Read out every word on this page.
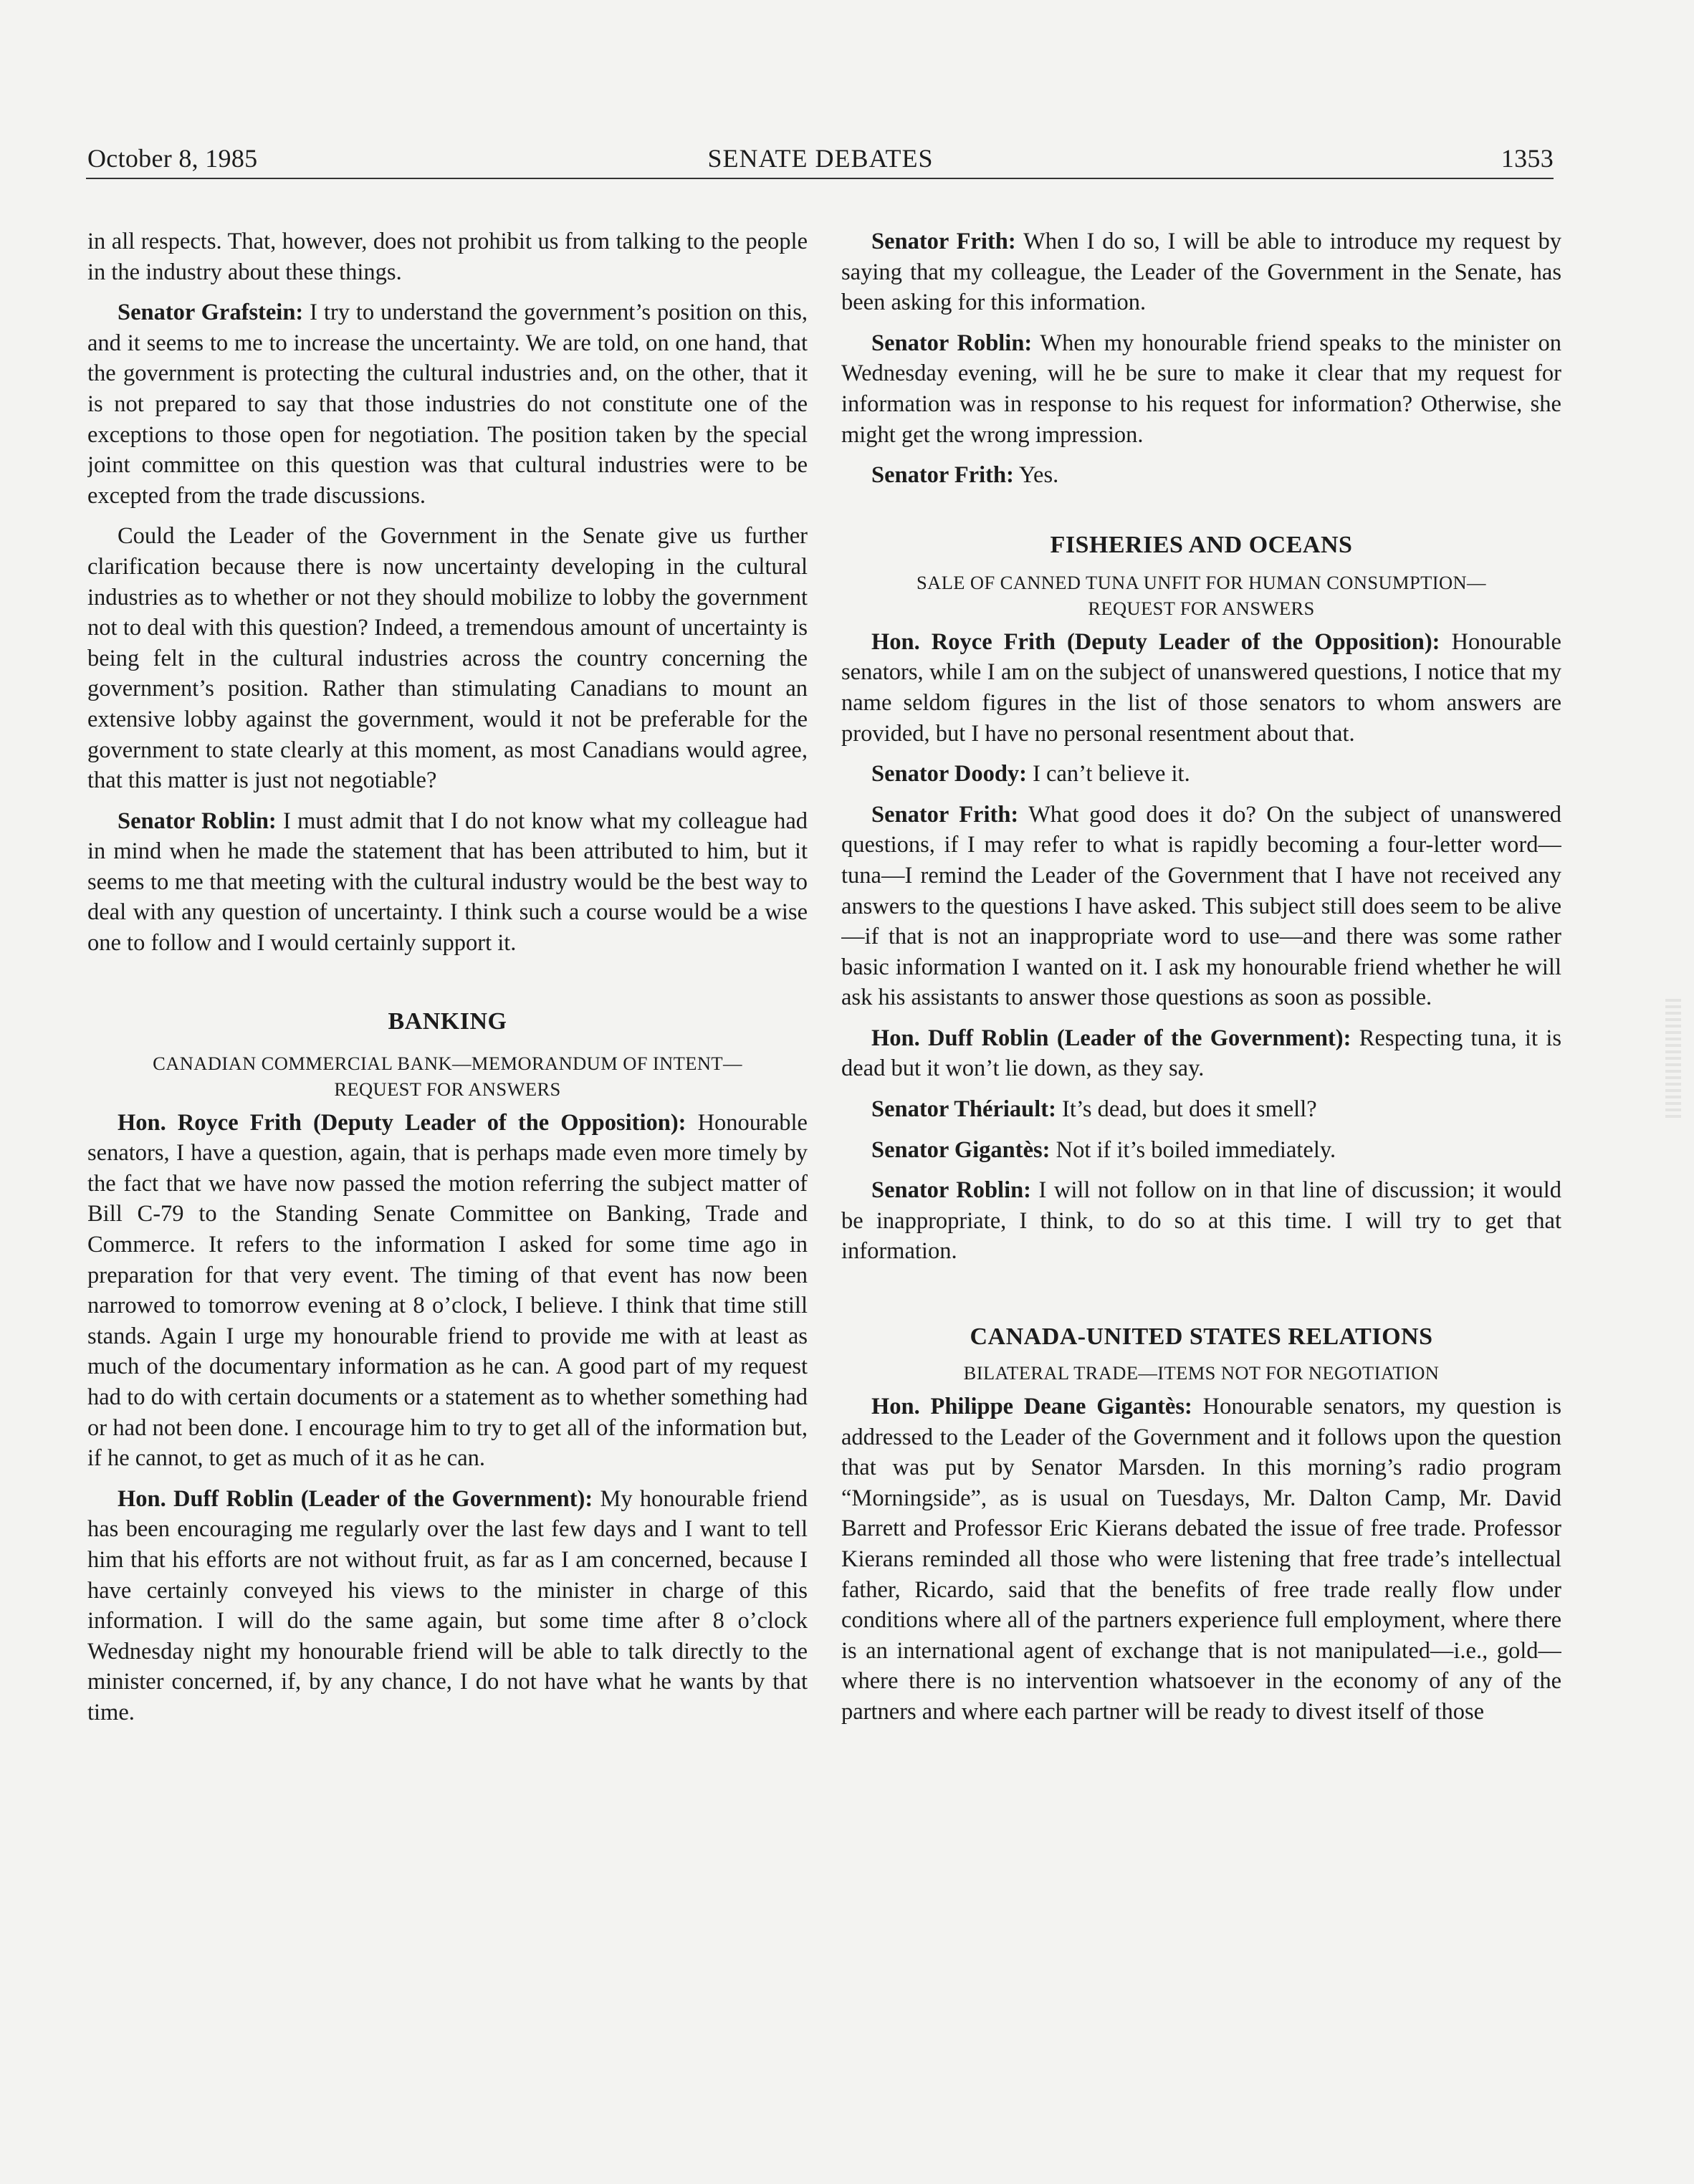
October 8, 1985	SENATE DEBATES	1353

in all respects. That, however, does not prohibit us from talking to the people in the industry about these things.

Senator Grafstein: I try to understand the government’s position on this, and it seems to me to increase the uncertainty. We are told, on one hand, that the government is protecting the cultural industries and, on the other, that it is not prepared to say that those industries do not constitute one of the exceptions to those open for negotiation. The position taken by the special joint committee on this question was that cultural industries were to be excepted from the trade discussions.

Could the Leader of the Government in the Senate give us further clarification because there is now uncertainty developing in the cultural industries as to whether or not they should mobilize to lobby the government not to deal with this question? Indeed, a tremendous amount of uncertainty is being felt in the cultural industries across the country concerning the government’s position. Rather than stimulating Canadians to mount an extensive lobby against the government, would it not be preferable for the government to state clearly at this moment, as most Canadians would agree, that this matter is just not negotiable?

Senator Roblin: I must admit that I do not know what my colleague had in mind when he made the statement that has been attributed to him, but it seems to me that meeting with the cultural industry would be the best way to deal with any question of uncertainty. I think such a course would be a wise one to follow and I would certainly support it.

BANKING
CANADIAN COMMERCIAL BANK—MEMORANDUM OF INTENT—
REQUEST FOR ANSWERS

Hon. Royce Frith (Deputy Leader of the Opposition): Honourable senators, I have a question, again, that is perhaps made even more timely by the fact that we have now passed the motion referring the subject matter of Bill C-79 to the Standing Senate Committee on Banking, Trade and Commerce. It refers to the information I asked for some time ago in preparation for that very event. The timing of that event has now been narrowed to tomorrow evening at 8 o’clock, I believe. I think that time still stands. Again I urge my honourable friend to provide me with at least as much of the documentary information as he can. A good part of my request had to do with certain documents or a statement as to whether something had or had not been done. I encourage him to try to get all of the information but, if he cannot, to get as much of it as he can.

Hon. Duff Roblin (Leader of the Government): My honourable friend has been encouraging me regularly over the last few days and I want to tell him that his efforts are not without fruit, as far as I am concerned, because I have certainly conveyed his views to the minister in charge of this information. I will do the same again, but some time after 8 o’clock Wednesday night my honourable friend will be able to talk directly to the minister concerned, if, by any chance, I do not have what he wants by that time.

Senator Frith: When I do so, I will be able to introduce my request by saying that my colleague, the Leader of the Government in the Senate, has been asking for this information.

Senator Roblin: When my honourable friend speaks to the minister on Wednesday evening, will he be sure to make it clear that my request for information was in response to his request for information? Otherwise, she might get the wrong impression.

Senator Frith: Yes.

FISHERIES AND OCEANS
SALE OF CANNED TUNA UNFIT FOR HUMAN CONSUMPTION—
REQUEST FOR ANSWERS

Hon. Royce Frith (Deputy Leader of the Opposition): Honourable senators, while I am on the subject of unanswered questions, I notice that my name seldom figures in the list of those senators to whom answers are provided, but I have no personal resentment about that.

Senator Doody: I can’t believe it.

Senator Frith: What good does it do? On the subject of unanswered questions, if I may refer to what is rapidly becoming a four-letter word—tuna—I remind the Leader of the Government that I have not received any answers to the questions I have asked. This subject still does seem to be alive—if that is not an inappropriate word to use—and there was some rather basic information I wanted on it. I ask my honourable friend whether he will ask his assistants to answer those questions as soon as possible.

Hon. Duff Roblin (Leader of the Government): Respecting tuna, it is dead but it won’t lie down, as they say.

Senator Thériault: It’s dead, but does it smell?

Senator Gigantès: Not if it’s boiled immediately.

Senator Roblin: I will not follow on in that line of discussion; it would be inappropriate, I think, to do so at this time. I will try to get that information.

CANADA-UNITED STATES RELATIONS
BILATERAL TRADE—ITEMS NOT FOR NEGOTIATION

Hon. Philippe Deane Gigantès: Honourable senators, my question is addressed to the Leader of the Government and it follows upon the question that was put by Senator Marsden. In this morning’s radio program “Morningside”, as is usual on Tuesdays, Mr. Dalton Camp, Mr. David Barrett and Professor Eric Kierans debated the issue of free trade. Professor Kierans reminded all those who were listening that free trade’s intellectual father, Ricardo, said that the benefits of free trade really flow under conditions where all of the partners experience full employment, where there is an international agent of exchange that is not manipulated—i.e., gold—where there is no intervention whatsoever in the economy of any of the partners and where each partner will be ready to divest itself of those
